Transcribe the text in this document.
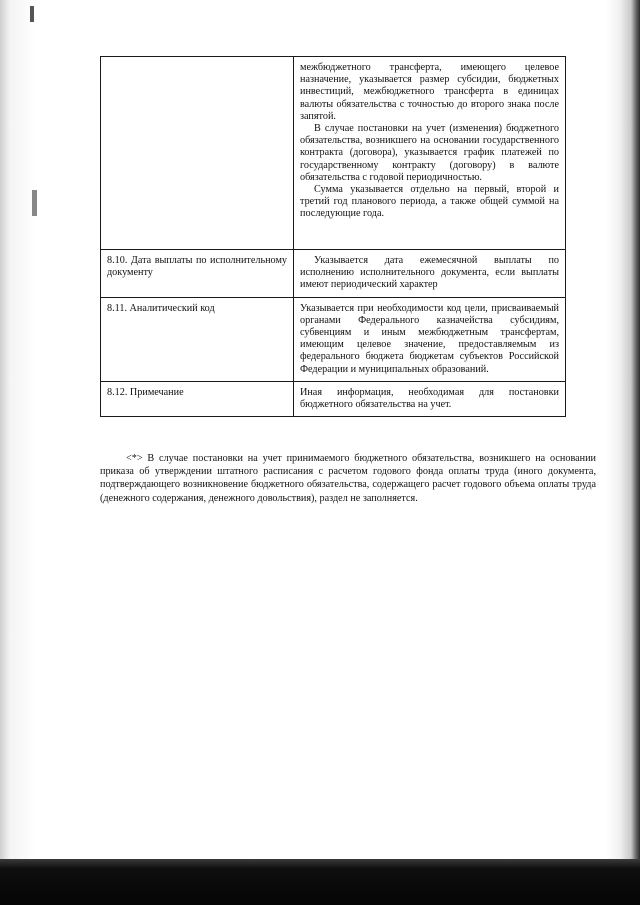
	межбюджетного трансферта, имеющего целевое назначение, указывается размер субсидии, бюджетных инвестиций, межбюджетного трансферта в единицах валюты обязательства с точностью до второго знака после запятой.

В случае постановки на учет (изменения) бюджетного обязательства, возникшего на основании государственного контракта (договора), указывается график платежей по государственному контракту (договору) в валюте обязательства с годовой периодичностью.

Сумма указывается отдельно на первый, второй и третий год планового периода, а также общей суммой на последующие года.

8.10. Дата выплаты по исполнительному документу	Указывается дата ежемесячной выплаты по исполнению исполнительного документа, если выплаты имеют периодический характер

8.11. Аналитический код	Указывается при необходимости код цели, присваиваемый органами Федерального казначейства субсидиям, субвенциям и иным межбюджетным трансфертам, имеющим целевое значение, предоставляемым из федерального бюджета бюджетам субъектов Российской Федерации и муниципальных образований.

8.12. Примечание	Иная информация, необходимая для постановки бюджетного обязательства на учет.

<*> В случае постановки на учет принимаемого бюджетного обязательства, возникшего на основании приказа об утверждении штатного расписания с расчетом годового фонда оплаты труда (иного документа, подтверждающего возникновение бюджетного обязательства, содержащего расчет годового объема оплаты труда (денежного содержания, денежного довольствия), раздел не заполняется.
